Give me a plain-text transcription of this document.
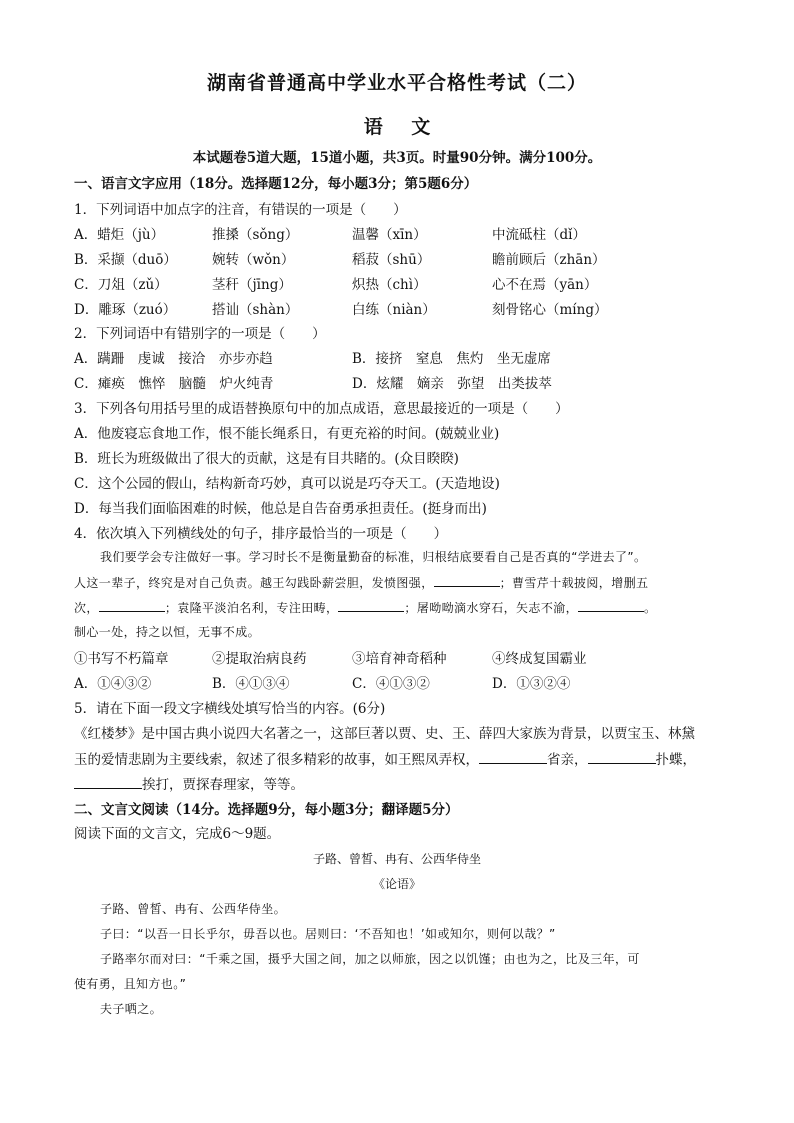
湖南省普通高中学业水平合格性考试（二）
语 文
本试题卷5道大题，15道小题，共3页。时量90分钟。满分100分。
一、语言文字应用（18分。选择题12分，每小题3分；第5题6分）
1．下列词语中加点字的注音，有错误的一项是（　　）
A．蜡炬（jù）	推搡（sǒng）	温馨（xīn）	中流砥柱（dǐ）
B．采撷（duō）	婉转（wǒn）	稻菽（shū）	瞻前顾后（zhān）
C．刀俎（zǔ）	茎秆（jīng）	炽热（chì）	心不在焉（yān）
D．雕琢（zuó）	搭讪（shàn）	白练（niàn）	刻骨铭心（míng）
2．下列词语中有错别字的一项是（　　）
A．蹒跚　虔诚　接洽　亦步亦趋	B．接挤　窒息　焦灼　坐无虚席
C．瘫痪　憔悴　脑髓　炉火纯青	D．炫耀　嫡亲　弥望　出类拔萃
3．下列各句用括号里的成语替换原句中的加点成语，意思最接近的一项是（　　）
A．他废寝忘食地工作，恨不能长绳系日，有更充裕的时间。(兢兢业业)
B．班长为班级做出了很大的贡献，这是有目共睹的。(众目睽睽)
C．这个公园的假山，结构新奇巧妙，真可以说是巧夺天工。(天造地设)
D．每当我们面临困难的时候，他总是自告奋勇承担责任。(挺身而出)
4．依次填入下列横线处的句子，排序最恰当的一项是（　　）
我们要学会专注做好一事。学习时长不是衡量勤奋的标准，归根结底要看自己是否真的“学进去了”。
人这一辈子，终究是对自己负责。越王勾践卧薪尝胆，发愤图强，	；曹雪芹十载披阅，增删五
次，	；袁隆平淡泊名利，专注田畴，	；屠呦呦滴水穿石，矢志不渝，	。
制心一处，持之以恒，无事不成。
①书写不朽篇章	②提取治病良药	③培育神奇稻种	④终成复国霸业
A．①④③②	B．④①③④	C．④①③②	D．①③②④
5．请在下面一段文字横线处填写恰当的内容。(6分)
《红楼梦》是中国古典小说四大名著之一，这部巨著以贾、史、王、薛四大家族为背景，以贾宝玉、林黛
玉的爱情悲剧为主要线索，叙述了很多精彩的故事，如王熙凤弄权，	省亲，	扑蝶，
挨打，贾探春理家，等等。
二、文言文阅读（14分。选择题9分，每小题3分；翻译题5分）
阅读下面的文言文，完成6～9题。
子路、曾皙、冉有、公西华侍坐
《论语》
子路、曾皙、冉有、公西华侍坐。
子曰：“以吾一日长乎尔，毋吾以也。居则曰：‘不吾知也！’如或知尔，则何以哉？”
子路率尔而对曰：“千乘之国，摄乎大国之间，加之以师旅，因之以饥馑；由也为之，比及三年，可
使有勇，且知方也。”
夫子哂之。
